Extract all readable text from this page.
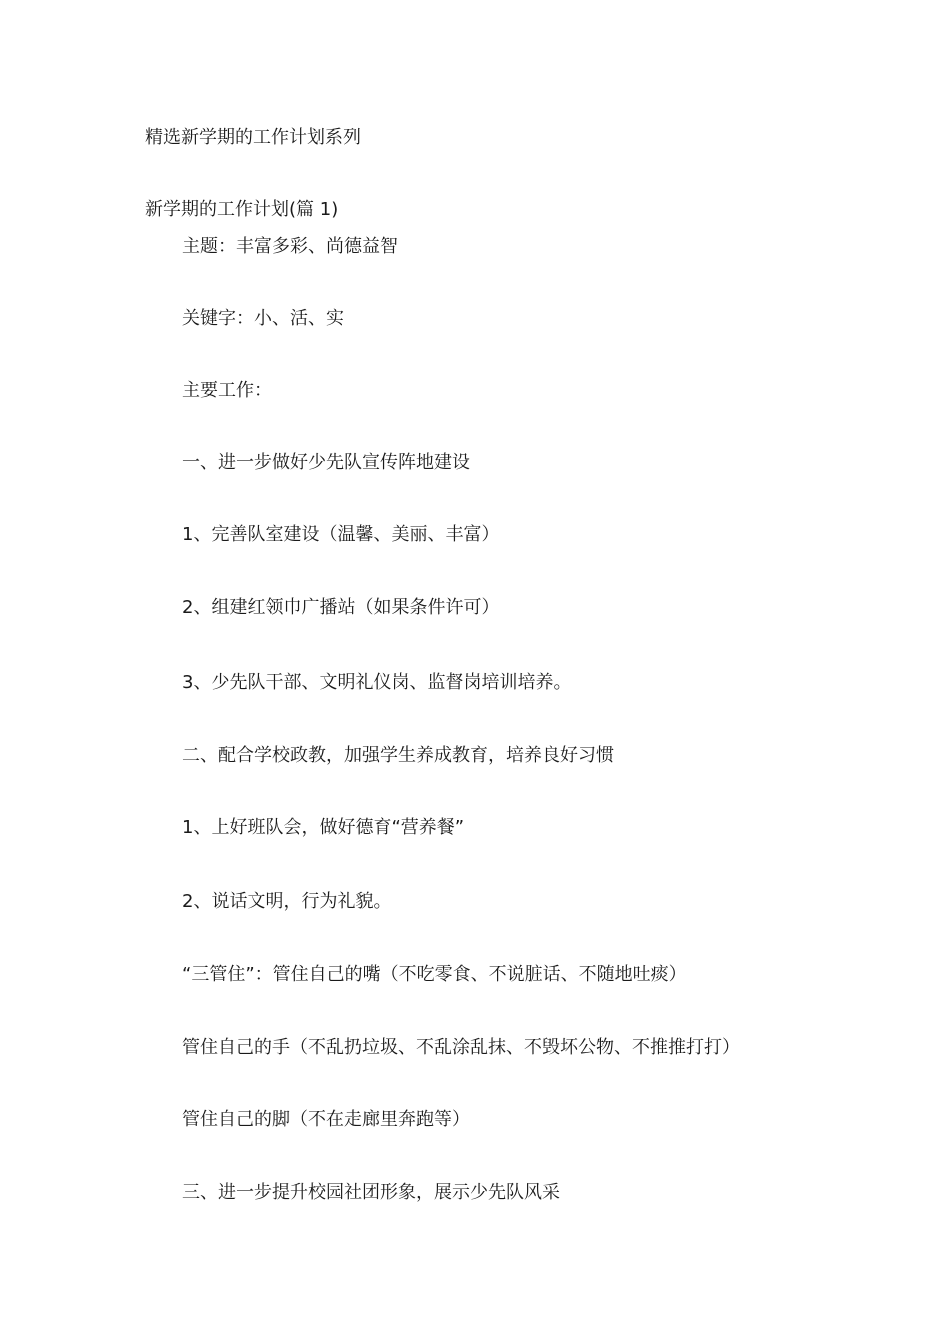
精选新学期的工作计划系列

新学期的工作计划(篇 1)

主题：丰富多彩、尚德益智

关键字：小、活、实

主要工作：

一、进一步做好少先队宣传阵地建设

1、完善队室建设（温馨、美丽、丰富）

2、组建红领巾广播站（如果条件许可）

3、少先队干部、文明礼仪岗、监督岗培训培养。

二、配合学校政教，加强学生养成教育，培养良好习惯

1、上好班队会，做好德育“营养餐”

2、说话文明，行为礼貌。

“三管住”：管住自己的嘴（不吃零食、不说脏话、不随地吐痰）

管住自己的手（不乱扔垃圾、不乱涂乱抹、不毁坏公物、不推推打打）

管住自己的脚（不在走廊里奔跑等）

三、进一步提升校园社团形象，展示少先队风采
